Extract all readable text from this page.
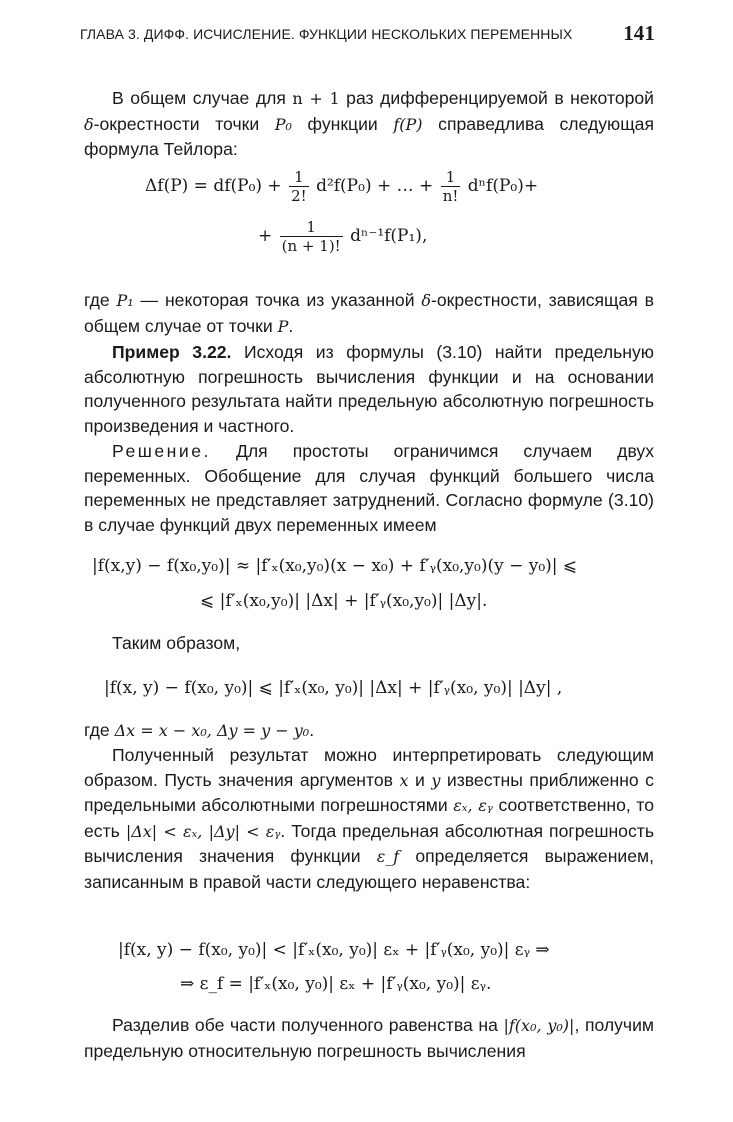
ГЛАВА 3. ДИФФ. ИСЧИСЛЕНИЕ. ФУНКЦИИ НЕСКОЛЬКИХ ПЕРЕМЕННЫХ 141
В общем случае для n + 1 раз дифференцируемой в некоторой δ-окрестности точки P₀ функции f(P) справедлива следующая формула Тейлора:
$\Delta f(P) = df(P_0) + \frac{1}{2!} d^2f(P_0)$ + … + $\frac{1}{n!} d^nf(P_0)+$
+ $\frac{1}{(n + 1)!} d^{n-1}f(P_1)$,
где P₁ — некоторая точка из указанной δ-окрестности, зависящая в общем случае от точки P.
Пример 3.22. Исходя из формулы (3.10) найти предельную абсолютную погрешность вычисления функции и на основании полученного результата найти предельную абсолютную погрешность произведения и частного.
Решение. Для простоты ограничимся случаем двух переменных. Обобщение для случая функций большего числа переменных не представляет затруднений. Согласно формуле (3.10) в случае функций двух переменных имеем
|f(x,y) − f(x₀,y₀)| ≈ |f′ₓ(x₀,y₀)(x − x₀) + f′ᵧ(x₀,y₀)(y − y₀)| ⩽
⩽ |f′ₓ(x₀,y₀)| |Δx| + |f′ᵧ(x₀,y₀)| |Δy|.
Таким образом,
|f(x, y) − f(x₀, y₀)| ⩽ |f′ₓ(x₀, y₀)| |Δx| + |f′ᵧ(x₀, y₀)| |Δy| ,
где Δx = x − x₀, Δy = y − y₀.
Полученный результат можно интерпретировать следующим образом. Пусть значения аргументов x и y известны приближенно с предельными абсолютными погрешностями εₓ, εᵧ соответственно, то есть |Δx| < εₓ, |Δy| < εᵧ. Тогда предельная абсолютная погрешность вычисления значения функции ε_f определяется выражением, записанным в правой части следующего неравенства:
|f(x, y) − f(x₀, y₀)| < |f′ₓ(x₀, y₀)| εₓ + |f′ᵧ(x₀, y₀)| εᵧ ⇒
⇒ ε_f = |f′ₓ(x₀, y₀)| εₓ + |f′ᵧ(x₀, y₀)| εᵧ.
Разделив обе части полученного равенства на |f(x₀, y₀)|, получим предельную относительную погрешность вычисления
